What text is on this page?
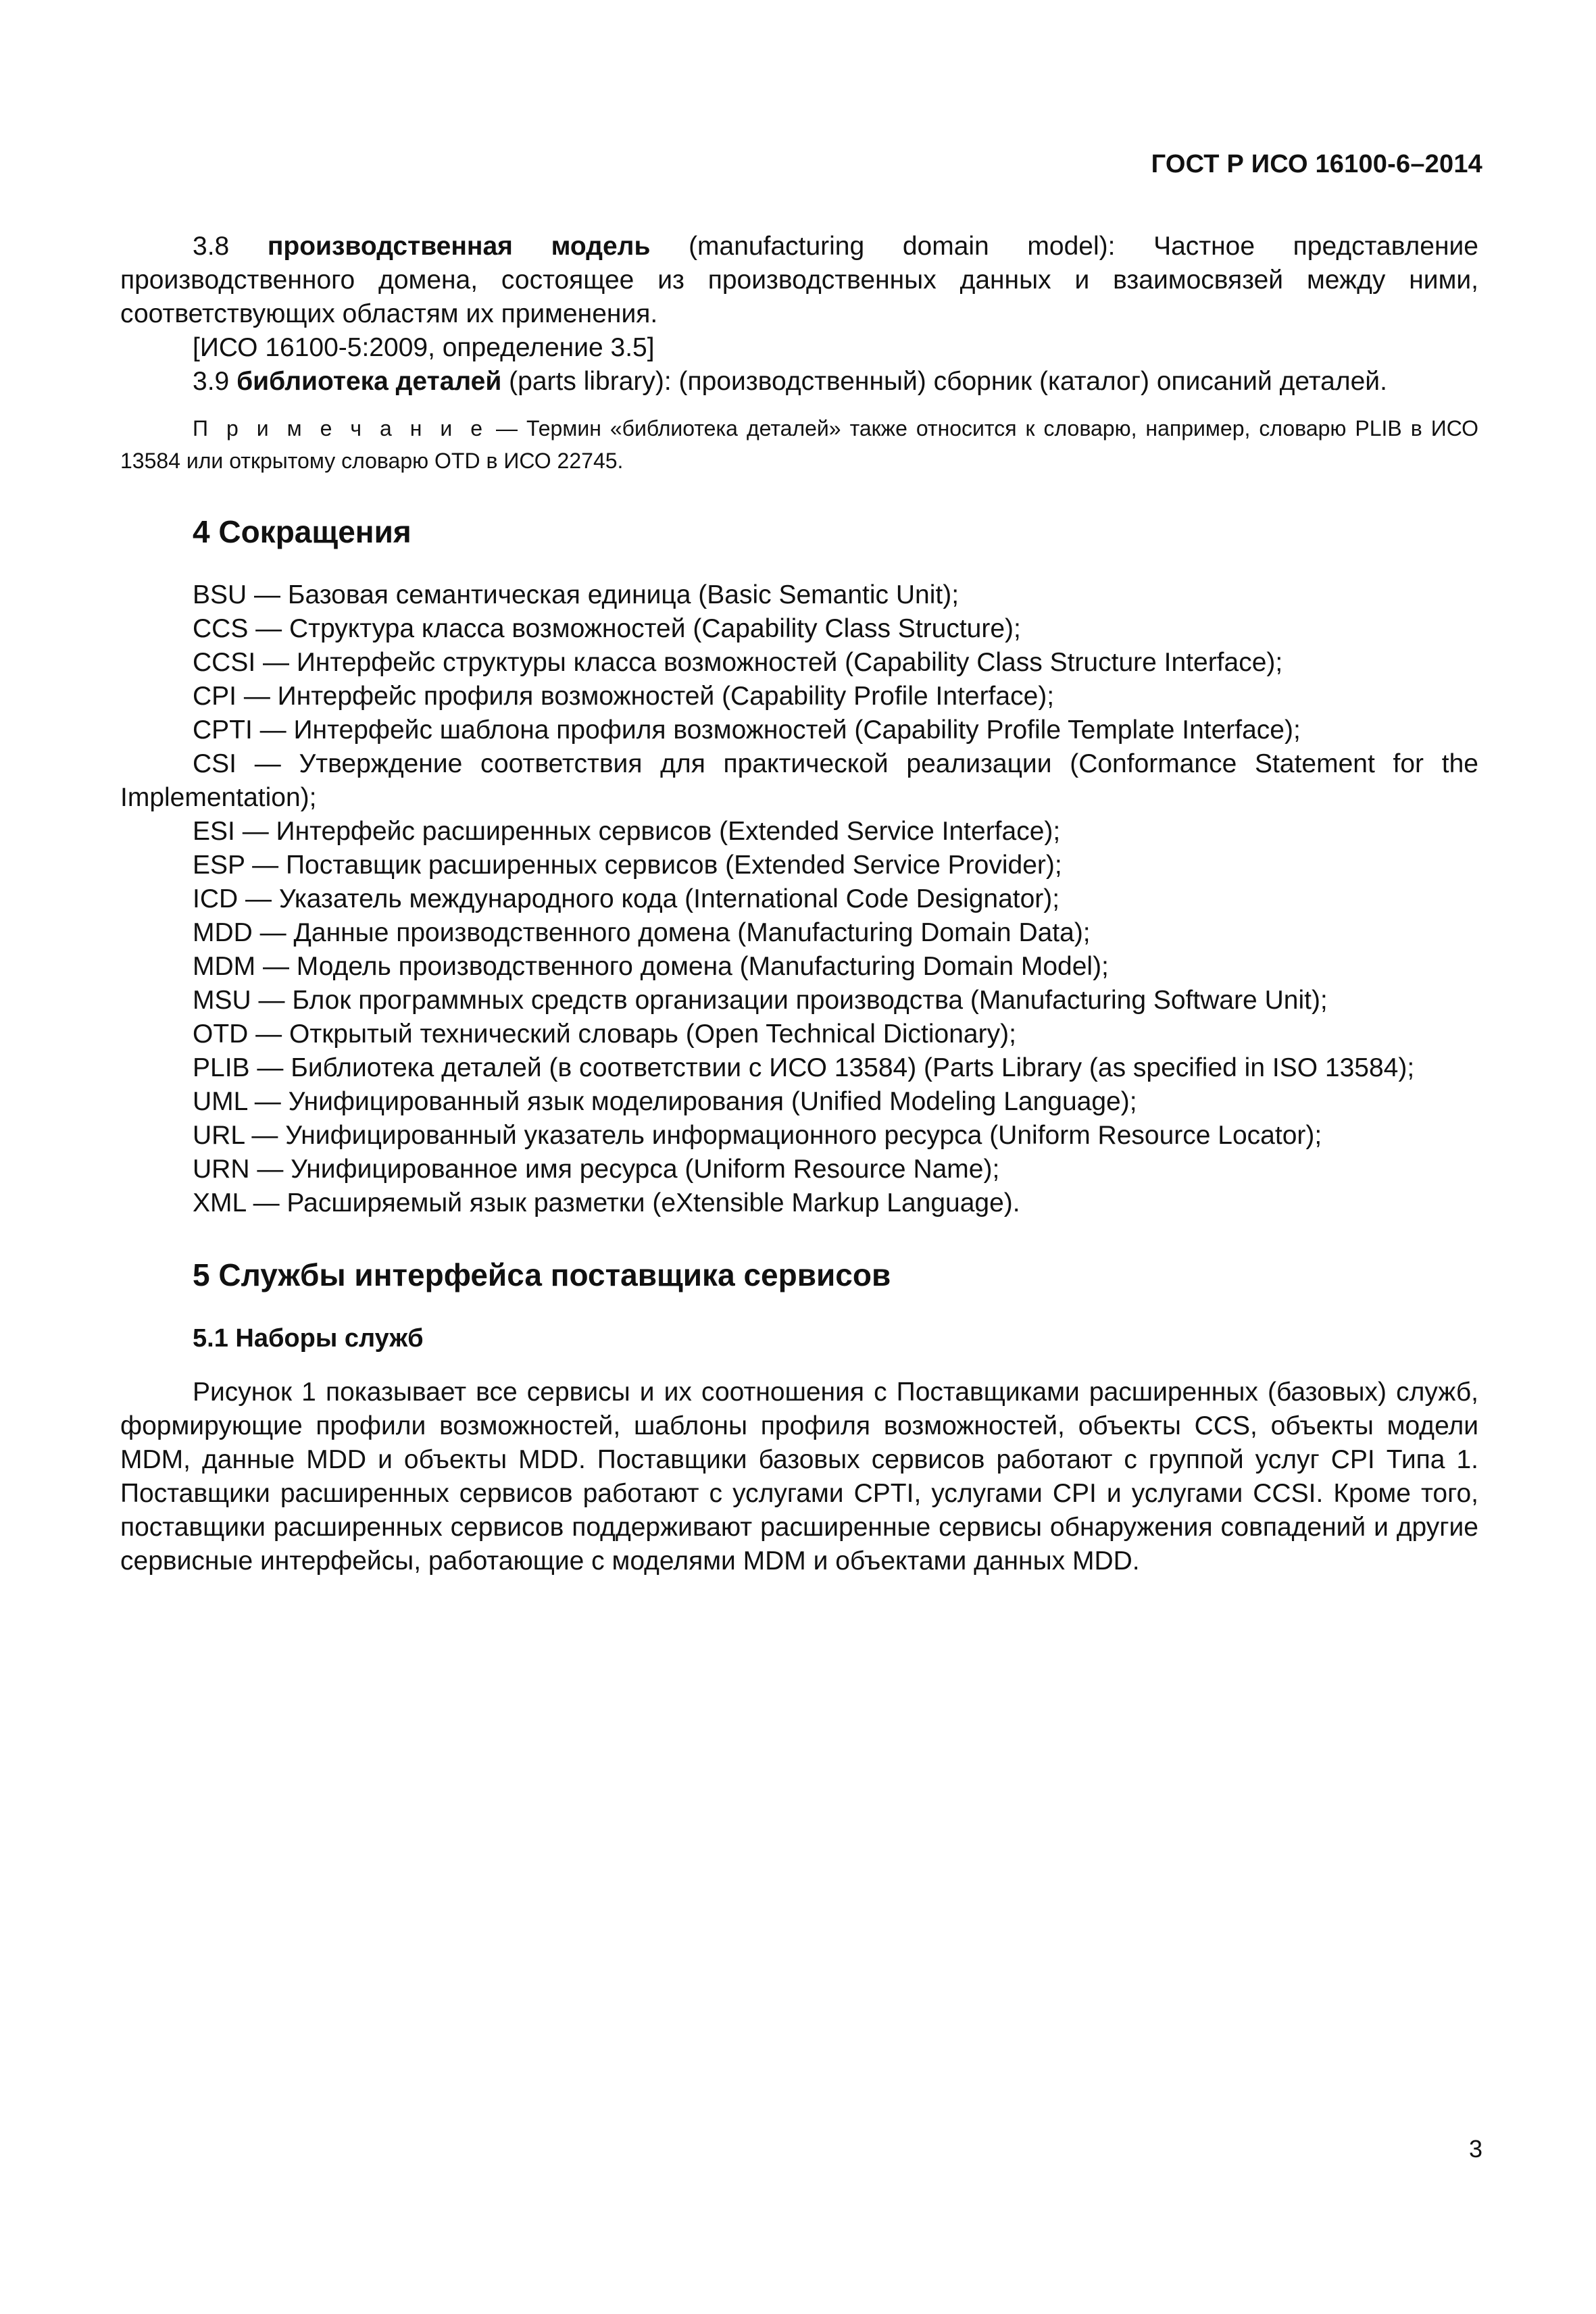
ГОСТ Р ИСО 16100-6–2014

3.8 производственная модель (manufacturing domain model): Частное представление производственного домена, состоящее из производственных данных и взаимосвязей между ними, соответствующих областям их применения.

[ИСО 16100-5:2009, определение 3.5]

3.9 библиотека деталей (parts library): (производственный) сборник (каталог) описаний деталей.

П р и м е ч а н и е — Термин «библиотека деталей» также относится к словарю, например, словарю PLIB в ИСО 13584 или открытому словарю OTD в ИСО 22745.

4 Сокращения
BSU — Базовая семантическая единица (Basic Semantic Unit);
CCS — Структура класса возможностей (Capability Class Structure);
CCSI — Интерфейс структуры класса возможностей (Capability Class Structure Interface);
CPI — Интерфейс профиля возможностей (Capability Profile Interface);
CPTI — Интерфейс шаблона профиля возможностей (Capability Profile Template Interface);
CSI — Утверждение соответствия для практической реализации (Conformance Statement for the Implementation);
ESI — Интерфейс расширенных сервисов (Extended Service Interface);
ESP — Поставщик расширенных сервисов (Extended Service Provider);
ICD — Указатель международного кода (International Code Designator);
MDD — Данные производственного домена (Manufacturing Domain Data);
MDM — Модель производственного домена (Manufacturing Domain Model);
MSU — Блок программных средств организации производства (Manufacturing Software Unit);
OTD — Открытый технический словарь (Open Technical Dictionary);
PLIB — Библиотека деталей (в соответствии с ИСО 13584) (Parts Library (as specified in ISO 13584);
UML — Унифицированный язык моделирования (Unified Modeling Language);
URL — Унифицированный указатель информационного ресурса (Uniform Resource Locator);
URN — Унифицированное имя ресурса (Uniform Resource Name);
XML — Расширяемый язык разметки (eXtensible Markup Language).
5 Службы интерфейса поставщика сервисов
5.1 Наборы служб

Рисунок 1 показывает все сервисы и их соотношения с Поставщиками расширенных (базовых) служб, формирующие профили возможностей, шаблоны профиля возможностей, объекты CCS, объекты модели MDM, данные MDD и объекты MDD. Поставщики базовых сервисов работают с группой услуг CPI Типа 1. Поставщики расширенных сервисов работают с услугами CPTI, услугами CPI и услугами CCSI. Кроме того, поставщики расширенных сервисов поддерживают расширенные сервисы обнаружения совпадений и другие сервисные интерфейсы, работающие с моделями MDM и объектами данных MDD.

3
